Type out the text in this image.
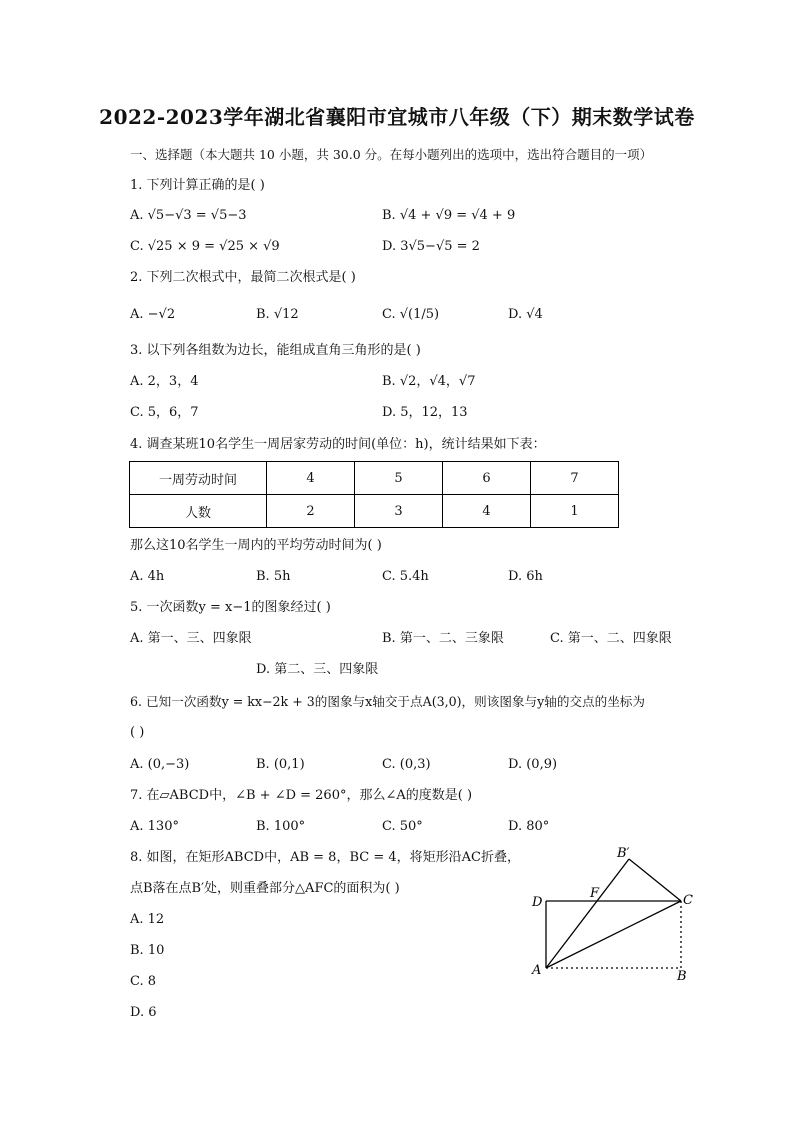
2022-2023学年湖北省襄阳市宜城市八年级（下）期末数学试卷
一、选择题（本大题共 10 小题，共 30.0 分。在每小题列出的选项中，选出符合题目的一项）
1. 下列计算正确的是( )
A. √5−√3 = √5−3	B. √4 + √9 = √4 + 9
C. √25 × 9 = √25 × √9	D. 3√5−√5 = 2
2. 下列二次根式中，最简二次根式是( )
A. −√2	B. √12	C. √(1/5)	D. √4
3. 以下列各组数为边长，能组成直角三角形的是( )
A. 2，3，4	B. √2，√4，√7
C. 5，6，7	D. 5，12，13
4. 调查某班10名学生一周居家劳动的时间(单位：h)，统计结果如下表：
一周劳动时间	4	5	6	7
人数	2	3	4	1
那么这10名学生一周内的平均劳动时间为( )
A. 4h	B. 5h	C. 5.4h	D. 6h
5. 一次函数y = x−1的图象经过( )
A. 第一、三、四象限	B. 第一、二、三象限	C. 第一、二、四象限
D. 第二、三、四象限
6. 已知一次函数y = kx−2k + 3的图象与x轴交于点A(3,0)，则该图象与y轴的交点的坐标为
( )
A. (0,−3)	B. (0,1)	C. (0,3)	D. (0,9)
7. 在▱ABCD中，∠B + ∠D = 260°，那么∠A的度数是( )
A. 130°	B. 100°	C. 50°	D. 80°
8. 如图，在矩形ABCD中，AB = 8，BC = 4，将矩形沿AC折叠，
点B落在点B′处，则重叠部分△AFC的面积为( )
A. 12
B. 10
C. 8
D. 6
B′
F
D	C
A	B
